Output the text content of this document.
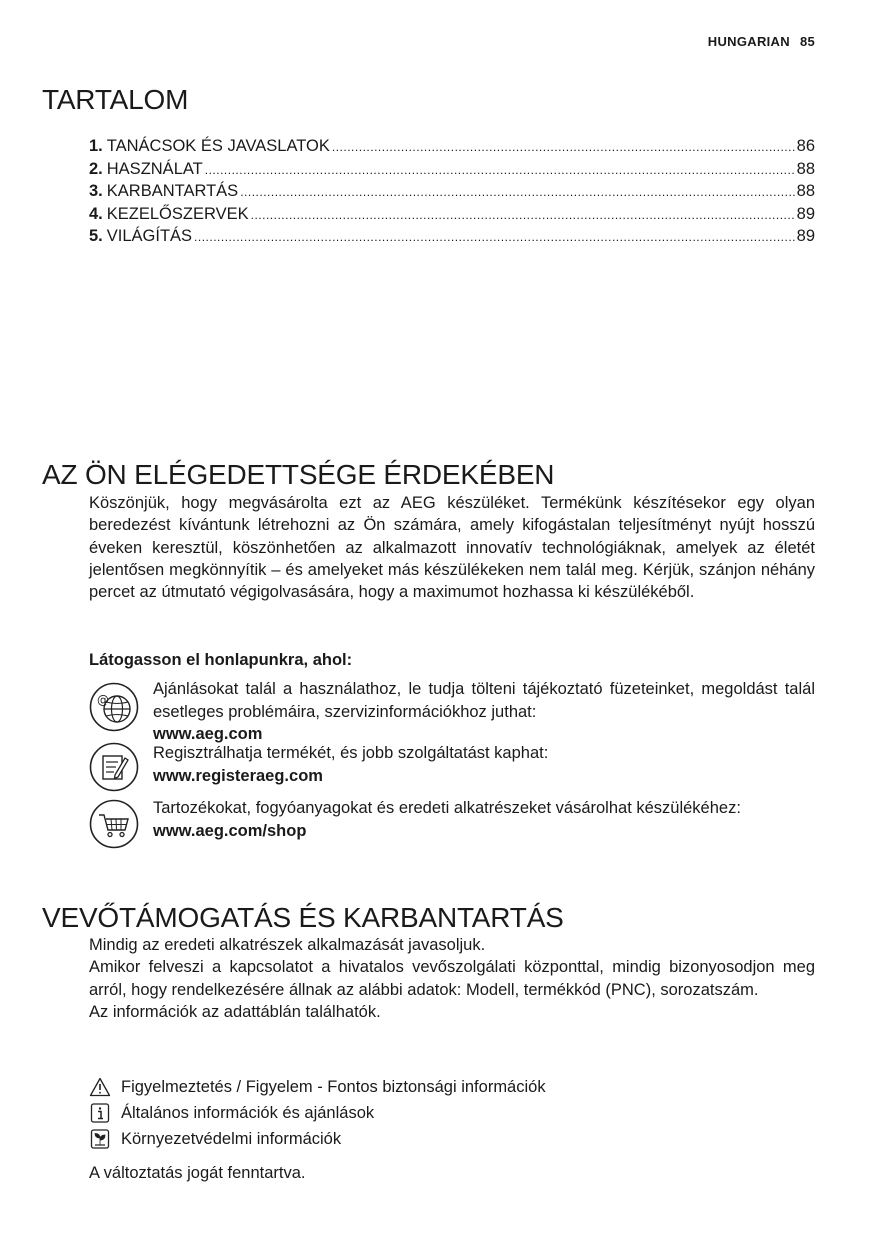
HUNGARIAN 85
TARTALOM
1. TANÁCSOK ÉS JAVASLATOK .....	86
2. HASZNÁLAT .....	88
3. KARBANTARTÁS .....	88
4. KEZELŐSZERVEK .....	89
5. VILÁGÍTÁS .....	89
AZ ÖN ELÉGEDETTSÉGE ÉRDEKÉBEN
Köszönjük, hogy megvásárolta ezt az AEG készüléket. Termékünk készítésekor egy olyan beredezést kívántunk létrehozni az Ön számára, amely kifogástalan teljesítményt nyújt hosszú éveken keresztül, köszönhetően az alkalmazott innovatív technológiáknak, amelyek az életét jelentősen megkönnyítik – és amelyeket más készülékeken nem talál meg. Kérjük, szánjon néhány percet az útmutató végigolvasására, hogy a maximumot hozhassa ki készülékéből.
Látogasson el honlapunkra, ahol:
@
Ajánlásokat talál a használathoz, le tudja tölteni tájékoztató füzeteinket, megoldást talál esetleges problémáira, szervizinformációkhoz juthat:
www.aeg.com
Regisztrálhatja termékét, és jobb szolgáltatást kaphat:
www.registeraeg.com
Tartozékokat, fogyóanyagokat és eredeti alkatrészeket vásárolhat készülékéhez:
www.aeg.com/shop
VEVŐTÁMOGATÁS ÉS KARBANTARTÁS
Mindig az eredeti alkatrészek alkalmazását javasoljuk.
Amikor felveszi a kapcsolatot a hivatalos vevőszolgálati központtal, mindig bizonyosodjon meg arról, hogy rendelkezésére állnak az alábbi adatok: Modell, termékkód (PNC), sorozatszám.
Az információk az adattáblán találhatók.
Figyelmeztetés / Figyelem - Fontos biztonsági információk
Általános információk és ajánlások
Környezetvédelmi információk
A változtatás jogát fenntartva.
